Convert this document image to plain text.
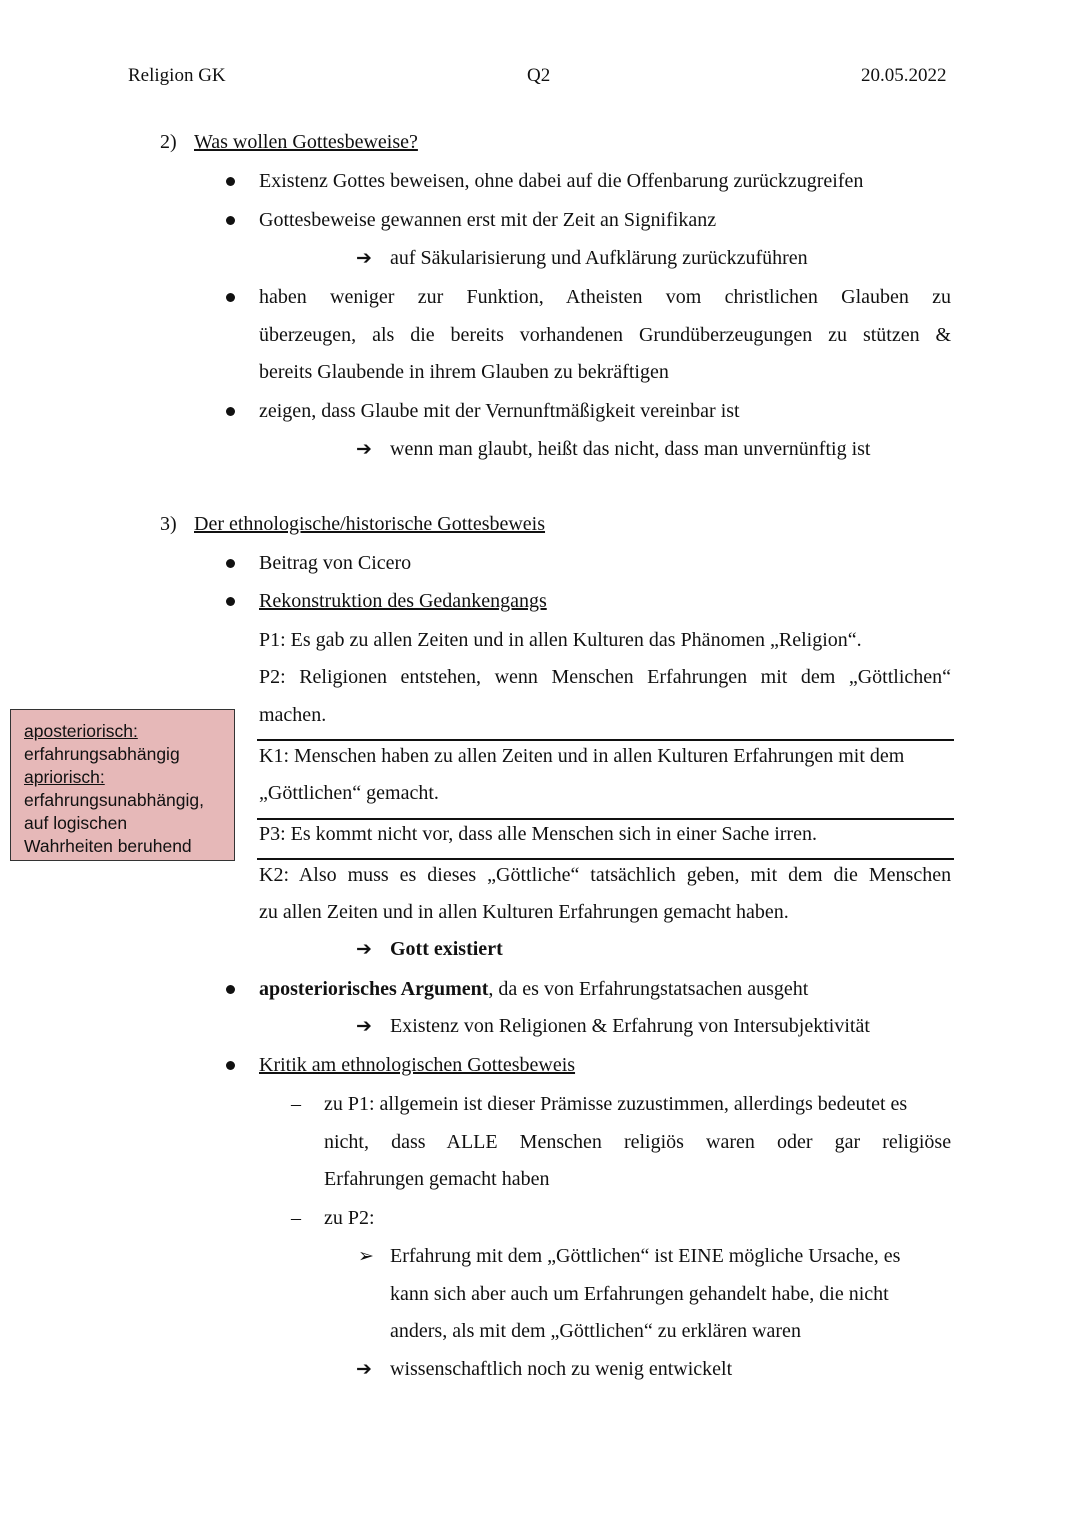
Religion GK	Q2	20.05.2022
2) Was wollen Gottesbeweise?
Existenz Gottes beweisen, ohne dabei auf die Offenbarung zurückzugreifen
Gottesbeweise gewannen erst mit der Zeit an Signifikanz
➔ auf Säkularisierung und Aufklärung zurückzuführen
haben weniger zur Funktion, Atheisten vom christlichen Glauben zu
überzeugen, als die bereits vorhandenen Grundüberzeugungen zu stützen &
bereits Glaubende in ihrem Glauben zu bekräftigen
zeigen, dass Glaube mit der Vernunftmäßigkeit vereinbar ist
➔ wenn man glaubt, heißt das nicht, dass man unvernünftig ist
3) Der ethnologische/historische Gottesbeweis
Beitrag von Cicero
Rekonstruktion des Gedankengangs
P1: Es gab zu allen Zeiten und in allen Kulturen das Phänomen „Religion“.
P2: Religionen entstehen, wenn Menschen Erfahrungen mit dem „Göttlichen“
machen.
K1: Menschen haben zu allen Zeiten und in allen Kulturen Erfahrungen mit dem
„Göttlichen“ gemacht.
P3: Es kommt nicht vor, dass alle Menschen sich in einer Sache irren.
K2: Also muss es dieses „Göttliche“ tatsächlich geben, mit dem die Menschen
zu allen Zeiten und in allen Kulturen Erfahrungen gemacht haben.
➔ Gott existiert
aposteriorisches Argument, da es von Erfahrungstatsachen ausgeht
➔ Existenz von Religionen & Erfahrung von Intersubjektivität
Kritik am ethnologischen Gottesbeweis
– zu P1: allgemein ist dieser Prämisse zuzustimmen, allerdings bedeutet es
nicht, dass ALLE Menschen religiös waren oder gar religiöse
Erfahrungen gemacht haben
– zu P2:
➢ Erfahrung mit dem „Göttlichen“ ist EINE mögliche Ursache, es
kann sich aber auch um Erfahrungen gehandelt habe, die nicht
anders, als mit dem „Göttlichen“ zu erklären waren
➔ wissenschaftlich noch zu wenig entwickelt
aposteriorisch:
erfahrungsabhängig
apriorisch:
erfahrungsunabhängig,
auf logischen
Wahrheiten beruhend
